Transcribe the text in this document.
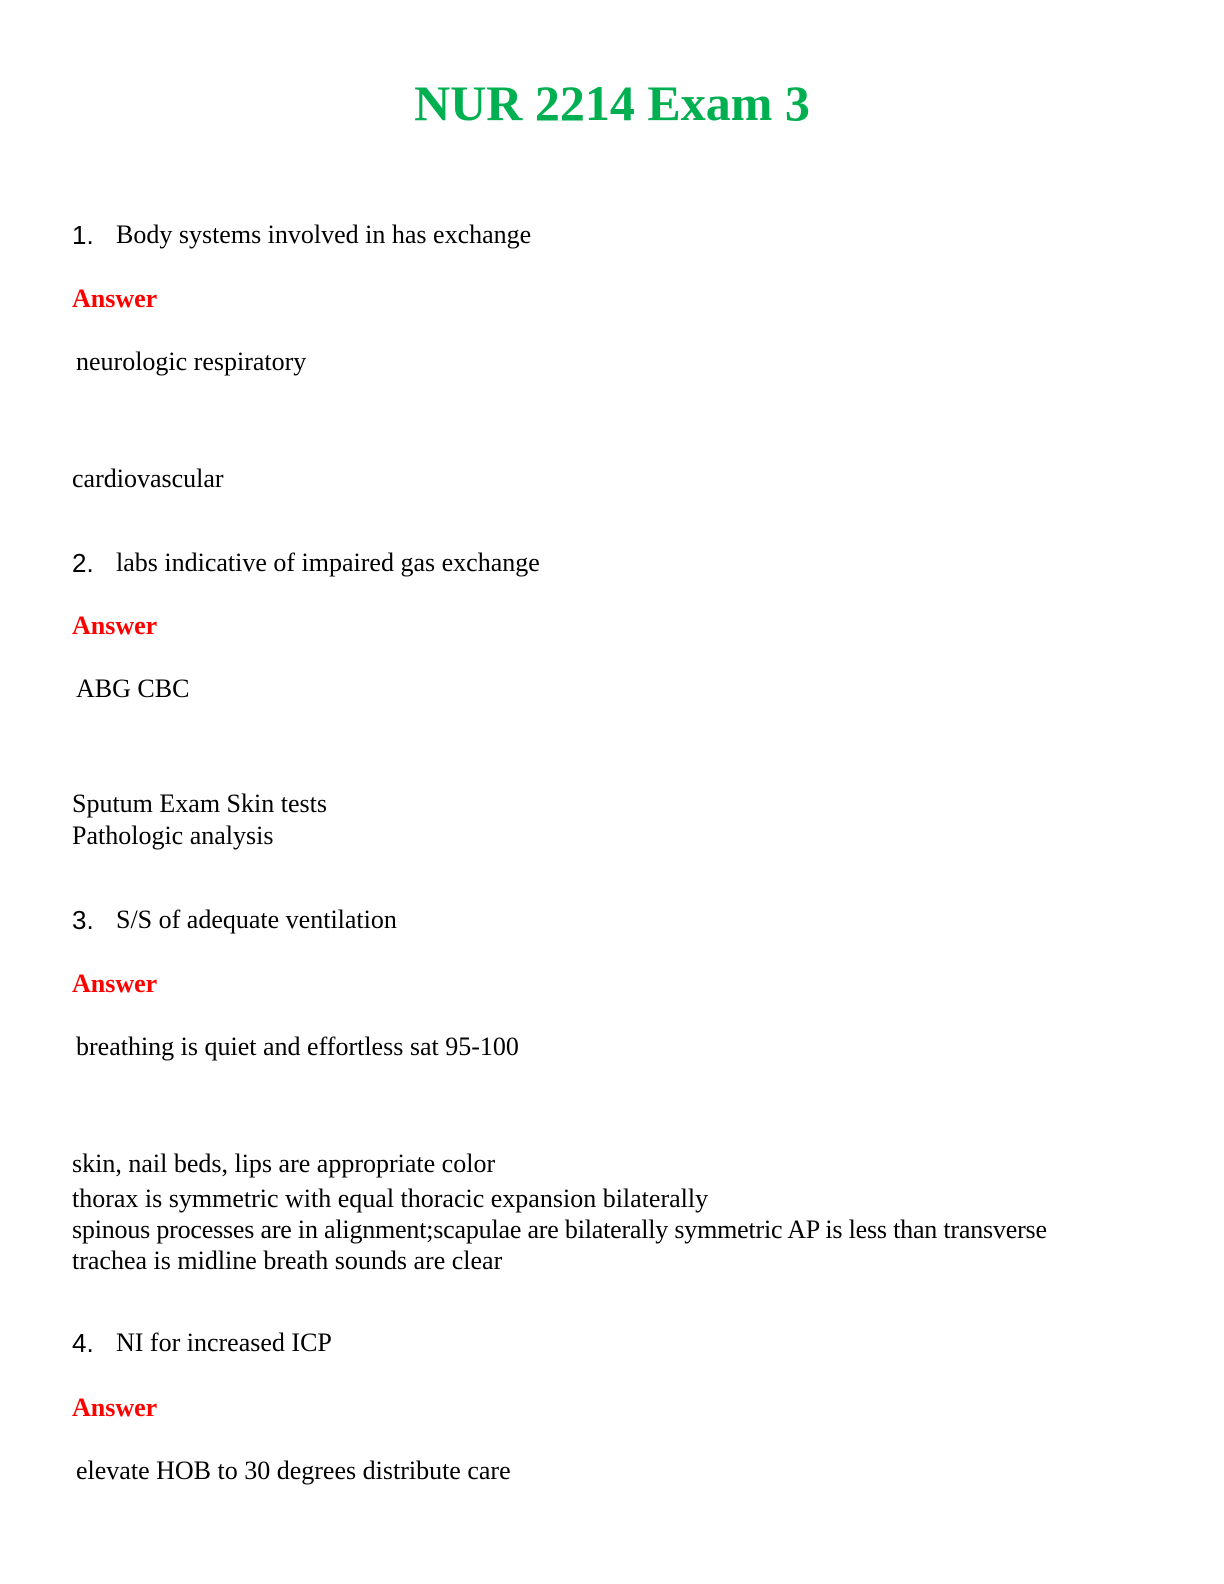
NUR 2214 Exam 3
1. Body systems involved in has exchange
Answer
neurologic respiratory
cardiovascular
2. labs indicative of impaired gas exchange
Answer
ABG CBC
Sputum Exam Skin tests
Pathologic analysis
3. S/S of adequate ventilation
Answer
breathing is quiet and effortless sat 95-100
skin, nail beds, lips are appropriate color
thorax is symmetric with equal thoracic expansion bilaterally
spinous processes are in alignment;scapulae are bilaterally symmetric AP is less than transverse
trachea is midline breath sounds are clear
4. NI for increased ICP
Answer
elevate HOB to 30 degrees distribute care
